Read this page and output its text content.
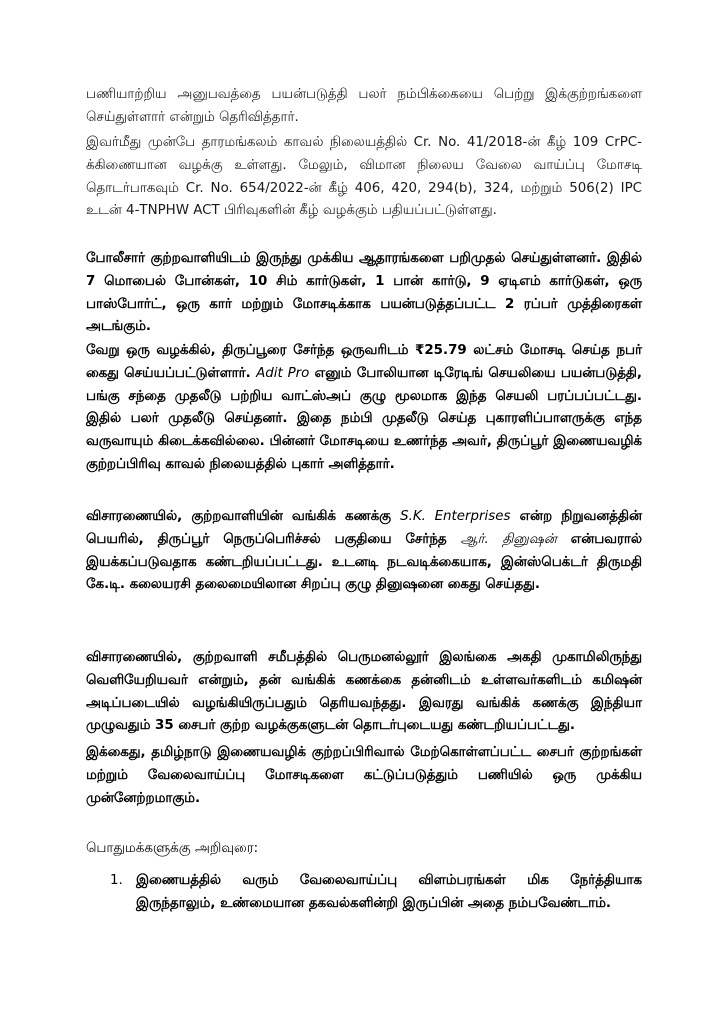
பணியாற்றிய அனுபவத்தை பயன்படுத்தி பலர் நம்பிக்கையை பெற்று இக்குற்றங்களை செய்துள்ளார் என்றும் தெரிவித்தார்.

இவர்மீது முன்பே தாரமங்கலம் காவல் நிலையத்தில் Cr. No. 41/2018-ன் கீழ் 109 CrPC-க்கிணையான வழக்கு உள்ளது. மேலும், விமான நிலைய வேலை வாய்ப்பு மோசடி தொடர்பாகவும் Cr. No. 654/2022-ன் கீழ் 406, 420, 294(b), 324, மற்றும் 506(2) IPC உடன் 4-TNPHW ACT பிரிவுகளின் கீழ் வழக்கும் பதியப்பட்டுள்ளது.

போலீசார் குற்றவாளியிடம் இருந்து முக்கிய ஆதாரங்களை பறிமுதல் செய்துள்ளனர். இதில் 7 மொபைல் போன்கள், 10 சிம் கார்டுகள், 1 பான் கார்டு, 9 ஏடிஎம் கார்டுகள், ஒரு பாஸ்போர்ட், ஒரு கார் மற்றும் மோசடிக்காக பயன்படுத்தப்பட்ட 2 ரப்பர் முத்திரைகள் அடங்கும்.

வேறு ஒரு வழக்கில், திருப்பூரை சேர்ந்த ஒருவரிடம் ₹25.79 லட்சம் மோசடி செய்த நபர் கைது செய்யப்பட்டுள்ளார். Adit Pro எனும் போலியான டிரேடிங் செயலியை பயன்படுத்தி, பங்கு சந்தை முதலீடு பற்றிய வாட்ஸ்அப் குழு மூலமாக இந்த செயலி பரப்பப்பட்டது. இதில் பலர் முதலீடு செய்தனர். இதை நம்பி முதலீடு செய்த புகாரளிப்பாளருக்கு எந்த வருவாயும் கிடைக்கவில்லை. பின்னர் மோசடியை உணர்ந்த அவர், திருப்பூர் இணையவழிக் குற்றப்பிரிவு காவல் நிலையத்தில் புகார் அளித்தார்.

விசாரணையில், குற்றவாளியின் வங்கிக் கணக்கு S.K. Enterprises என்ற நிறுவனத்தின் பெயரில், திருப்பூர் நெருப்பெரிச்சல் பகுதியை சேர்ந்த ஆர். தினுஷன் என்பவரால் இயக்கப்படுவதாக கண்டறியப்பட்டது. உடனடி நடவடிக்கையாக, இன்ஸ்பெக்டர் திருமதி கே.டி. கலையரசி தலைமையிலான சிறப்பு குழு தினுஷனை கைது செய்தது.

விசாரணையில், குற்றவாளி சமீபத்தில் பெருமனல்லூர் இலங்கை அகதி முகாமிலிருந்து வெளியேறியவர் என்றும், தன் வங்கிக் கணக்கை தன்னிடம் உள்ளவர்களிடம் கமிஷன் அடிப்படையில் வழங்கியிருப்பதும் தெரியவந்தது. இவரது வங்கிக் கணக்கு இந்தியா முழுவதும் 35 சைபர் குற்ற வழக்குகளுடன் தொடர்புடையது கண்டறியப்பட்டது.

இக்கைது, தமிழ்நாடு இணையவழிக் குற்றப்பிரிவால் மேற்கொள்ளப்பட்ட சைபர் குற்றங்கள் மற்றும் வேலைவாய்ப்பு மோசடிகளை கட்டுப்படுத்தும் பணியில் ஒரு முக்கிய முன்னேற்றமாகும்.

பொதுமக்களுக்கு அறிவுரை:

1. இணையத்தில் வரும் வேலைவாய்ப்பு விளம்பரங்கள் மிக நேர்த்தியாக இருந்தாலும், உண்மையான தகவல்களின்றி இருப்பின் அதை நம்பவேண்டாம்.
